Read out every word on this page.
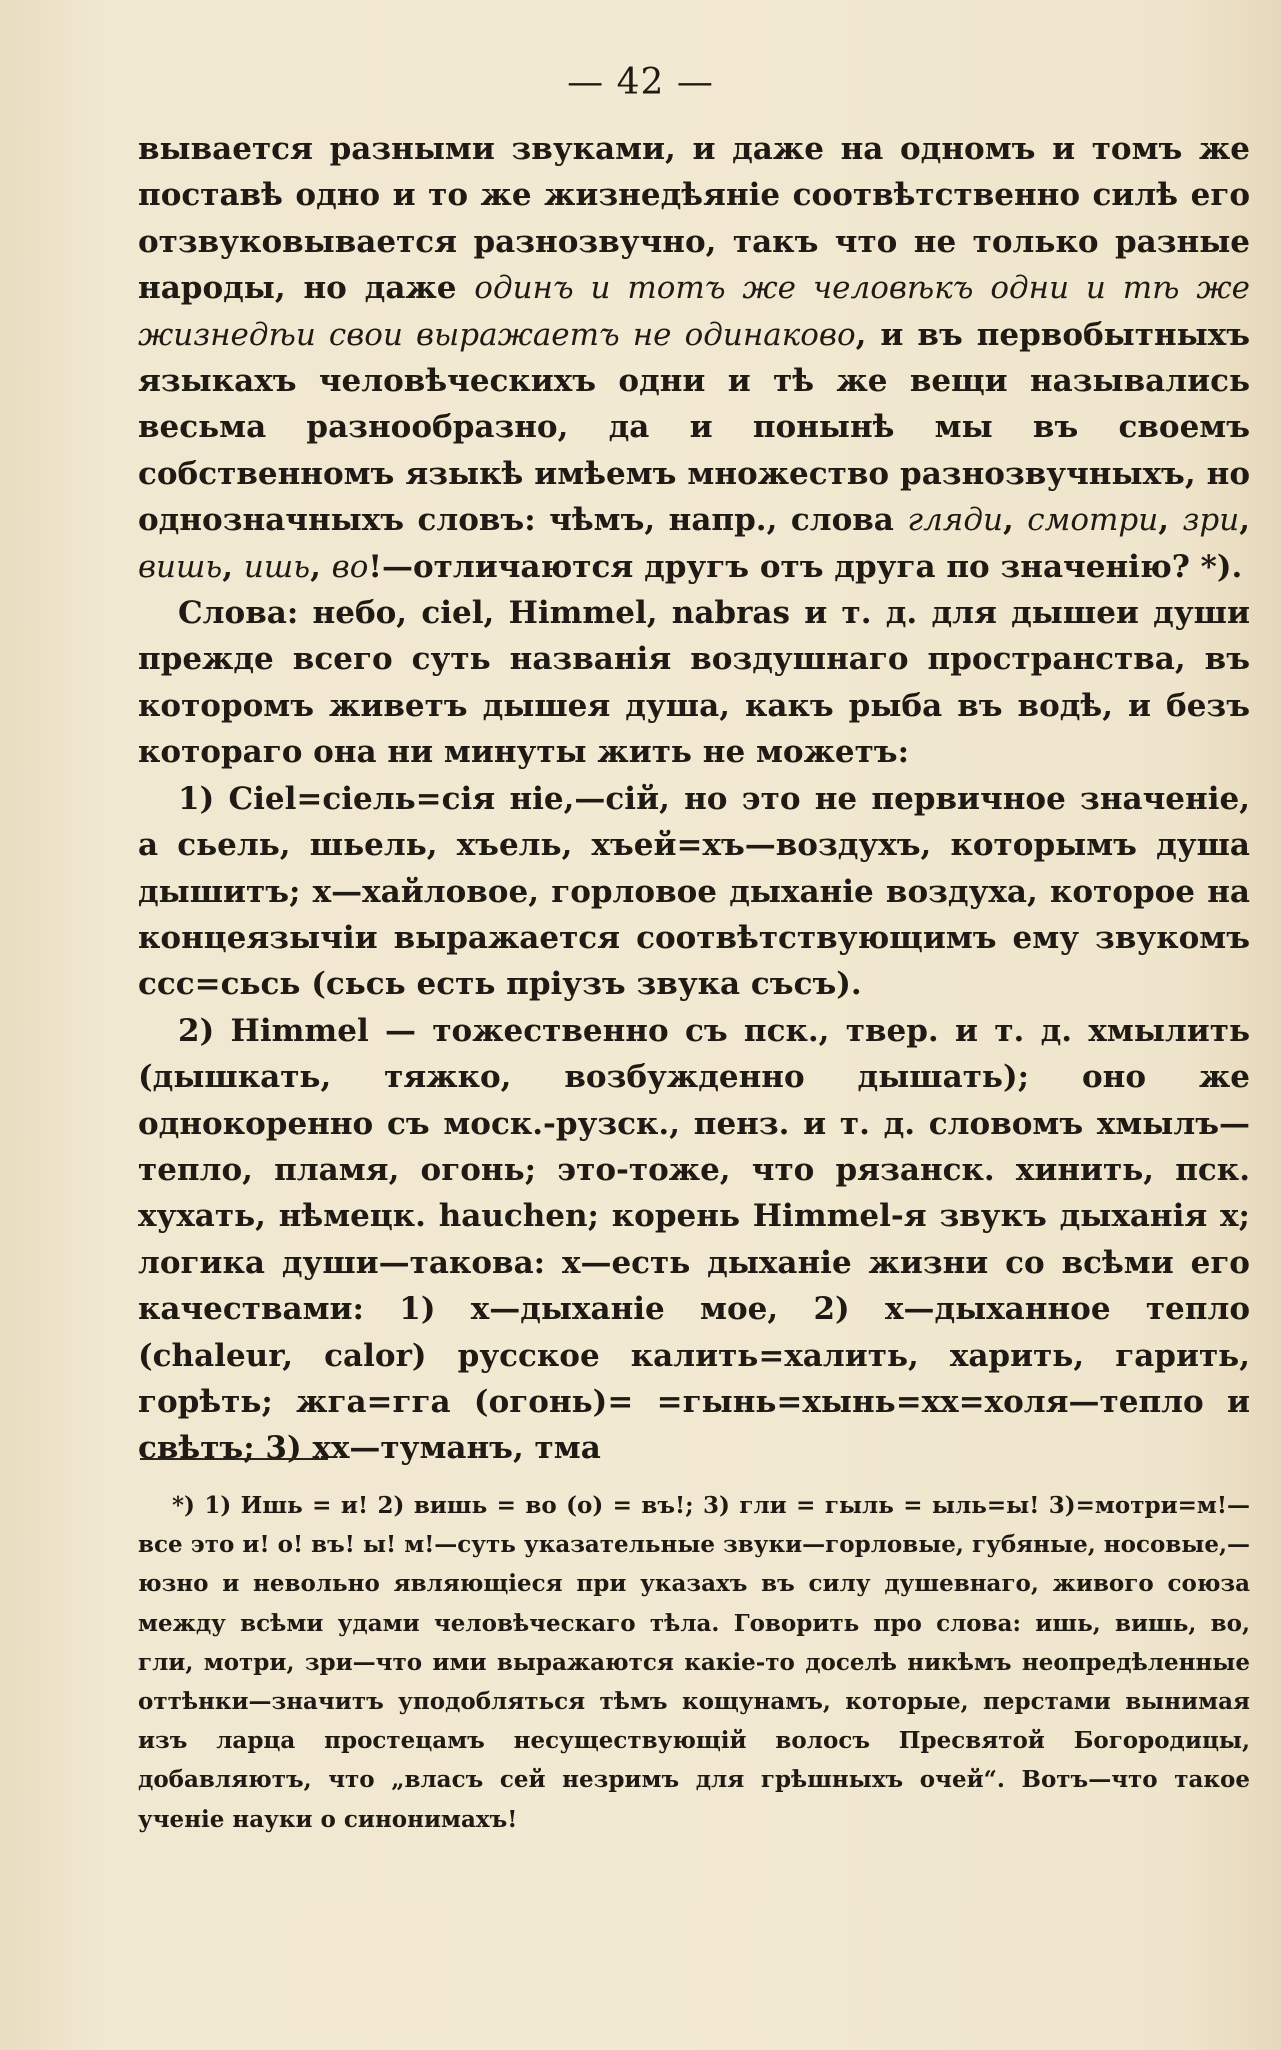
— 42 —

вывается разными звуками, и даже на одномъ и томъ же поставѣ одно и то же жизнедѣяніе соотвѣтственно силѣ его отзвуковывается разнозвучно, такъ что не только разные народы, но даже одинъ и тотъ же человѣкъ одни и тѣ же жизнедѣи свои выражаетъ не одинаково, и въ первобытныхъ языкахъ человѣческихъ одни и тѣ же вещи назывались весьма разнообразно, да и понынѣ мы въ своемъ собственномъ языкѣ имѣемъ множество разнозвучныхъ, но однозначныхъ словъ: чѣмъ, напр., слова гляди, смотри, зри, вишь, ишь, во!—отличаются другъ отъ друга по значенію? *).

Слова: небо, ciel, Himmel, nabras и т. д. для дышеи души прежде всего суть названія воздушнаго пространства, въ которомъ живетъ дышея душа, какъ рыба въ водѣ, и безъ котораго она ни минуты жить не можетъ:

1) Ciel=cіель=сія ніе,—cій, но это не первичное значеніе, а сьель, шьель, хъель, хъей=хъ—воздухъ, которымъ душа дышитъ; х—хайловое, горловое дыханіе воздуха, которое на концеязычіи выражается соотвѣтствующимъ ему звукомъ ссс=сьсь (сьсь есть пріузъ звука съсъ).

2) Himmel — тожественно съ пск., твер. и т. д. хмылить (дышкать, тяжко, возбужденно дышать); оно же однокоренно съ моск.-рузск., пенз. и т. д. словомъ хмылъ—тепло, пламя, огонь; это-тоже, что рязанск. хинить, пск. хухать, нѣмецк. hauchen; корень Himmel-я звукъ дыханія х; логика души—такова: х—есть дыханіе жизни со всѣми его качествами: 1) х—дыханіе мое, 2) х—дыханное тепло (chaleur, calor) русское калить=халить, харить, гарить, горѣть; жга=гга (огонь)= =гынь=хынь=хх=холя—тепло и свѣтъ; 3) хх—туманъ, тма

*) 1) Ишь = и! 2) вишь = во (о) = въ!; 3) гли = гыль = ыль=ы! 3)=мотри=м!—все это и! о! въ! ы! м!—суть указательные звуки—горловые, губяные, носовые,—юзно и невольно являющіеся при указахъ въ силу душевнаго, живого союза между всѣми удами человѣческаго тѣла. Говорить про слова: ишь, вишь, во, гли, мотри, зри—что ими выражаются какіе-то доселѣ никѣмъ неопредѣленные оттѣнки—значитъ уподобляться тѣмъ кощунамъ, которые, перстами вынимая изъ ларца простецамъ несуществующій волосъ Пресвятой Богородицы, добавляютъ, что „власъ сей незримъ для грѣшныхъ очей“. Вотъ—что такое ученіе науки о синонимахъ!
